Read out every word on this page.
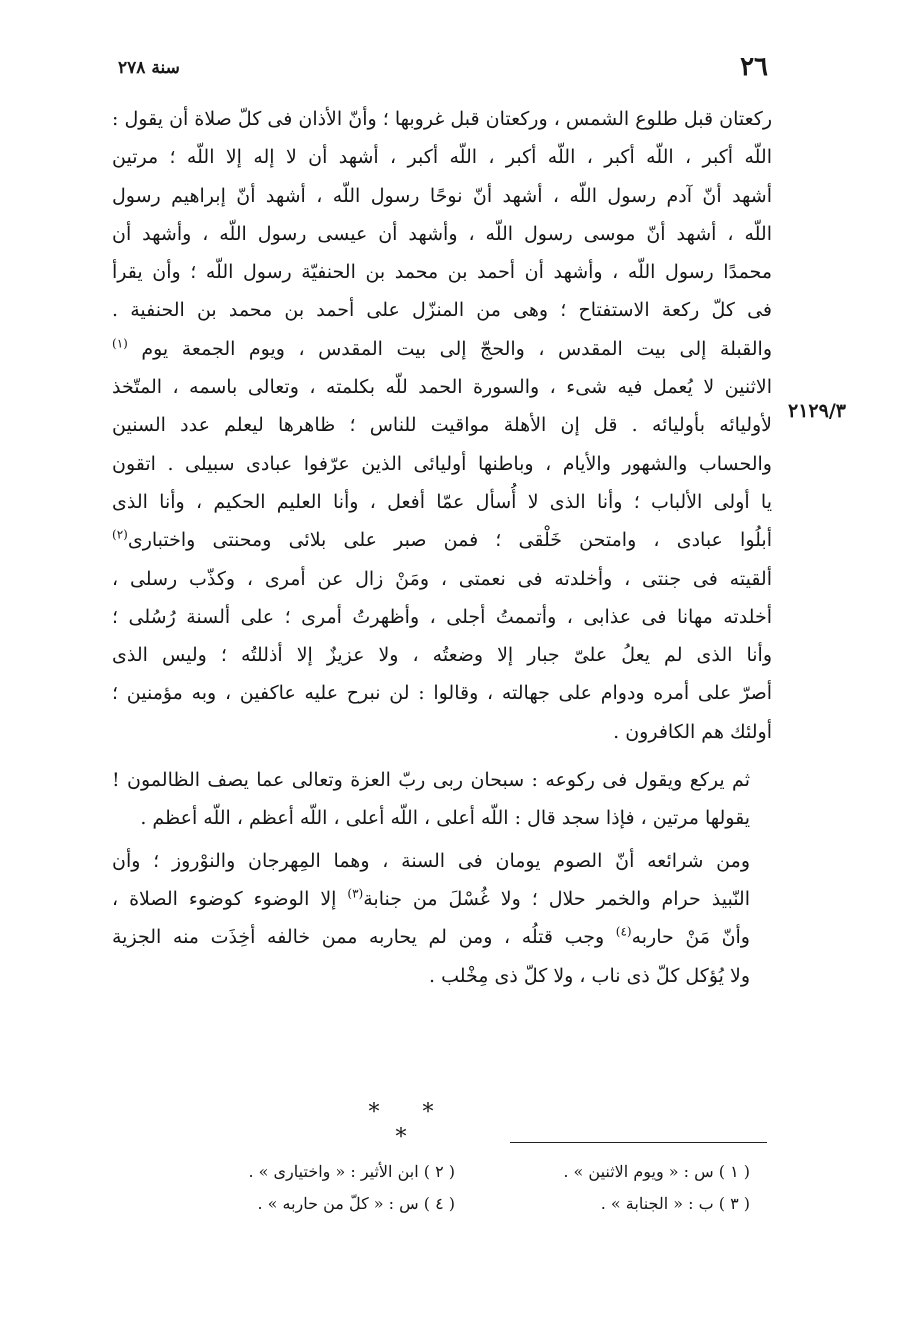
٢٦
سنة ٢٧٨
٢١٢٩/٣

ركعتان قبل طلوع الشمس ، وركعتان قبل غروبها ؛ وأنّ الأذان فى كلّ صلاة أن يقول :
اللّه أكبر ، اللّه أكبر ، اللّه أكبر ، اللّه أكبر ، أشهد أن لا إله إلا اللّه ؛ مرتين
أشهد أنّ آدم رسول اللّه ، أشهد أنّ نوحًا رسول اللّه ، أشهد أنّ إبراهيم رسول
اللّه ، أشهد أنّ موسى رسول اللّه ، وأشهد أن عيسى رسول اللّه ، وأشهد أن
محمدًا رسول اللّه ، وأشهد أن أحمد بن محمد بن الحنفيّة رسول اللّه ؛ وأن يقرأ
فى كلّ ركعة الاستفتاح ؛ وهى من المنزّل على أحمد بن محمد بن الحنفية .
والقبلة إلى بيت المقدس ، والحجّ إلى بيت المقدس ، ويوم الجمعة يوم $^{(١)}$
الاثنين لا يُعمل فيه شىء ، والسورة الحمد للّه بكلمته ، وتعالى باسمه ، المتّخذ
لأوليائه بأوليائه . قل إن الأهلة مواقيت للناس ؛ ظاهرها ليعلم عدد السنين
والحساب والشهور والأيام ، وباطنها أوليائى الذين عرّفوا عبادى سبيلى . اتقون
يا أولى الألباب ؛ وأنا الذى لا أُسأل عمّا أفعل ، وأنا العليم الحكيم ، وأنا الذى
أبلُوا عبادى ، وامتحن خَلْقى ؛ فمن صبر على بلائى ومحنتى واختبارى$^{(٢)}$
ألقيته فى جنتى ، وأخلدته فى نعمتى ، ومَنْ زال عن أمرى ، وكذّب رسلى ،
أخلدته مهانا فى عذابى ، وأتممتُ أجلى ، وأظهرتُ أمرى ؛ على ألسنة رُسُلى ؛
وأنا الذى لم يعلُ علىّ جبار إلا وضعتُه ، ولا عزيزٌ إلا أذللتُه ؛ وليس الذى
أصرّ على أمره ودوام على جهالته ، وقالوا : لن نبرح عليه عاكفين ، وبه مؤمنين ؛
أولئك هم الكافرون .

ثم يركع ويقول فى ركوعه : سبحان ربى ربّ العزة وتعالى عما يصف الظالمون !
يقولها مرتين ، فإذا سجد قال : اللّه أعلى ، اللّه أعلى ، اللّه أعظم ، اللّه أعظم .

ومن شرائعه أنّ الصوم يومان فى السنة ، وهما المِهرجان والنوْروز ؛ وأن
النّبيذ حرام والخمر حلال ؛ ولا غُسْلَ من جنابة$^{(٣)}$ إلا الوضوء كوضوء الصلاة ،
وأنّ مَنْ حاربه$^{(٤)}$ وجب قتلُه ، ومن لم يحاربه ممن خالفه أخِذَت منه الجزية
ولا يُؤكل كلّ ذى ناب ، ولا كلّ ذى مِخْلب .

* * *
( ١ ) س : « ويوم الاثنين » .
( ٢ ) ابن الأثير : « واختيارى » .
( ٣ ) ب : « الجنابة » .
( ٤ ) س : « كلّ من حاربه » .
